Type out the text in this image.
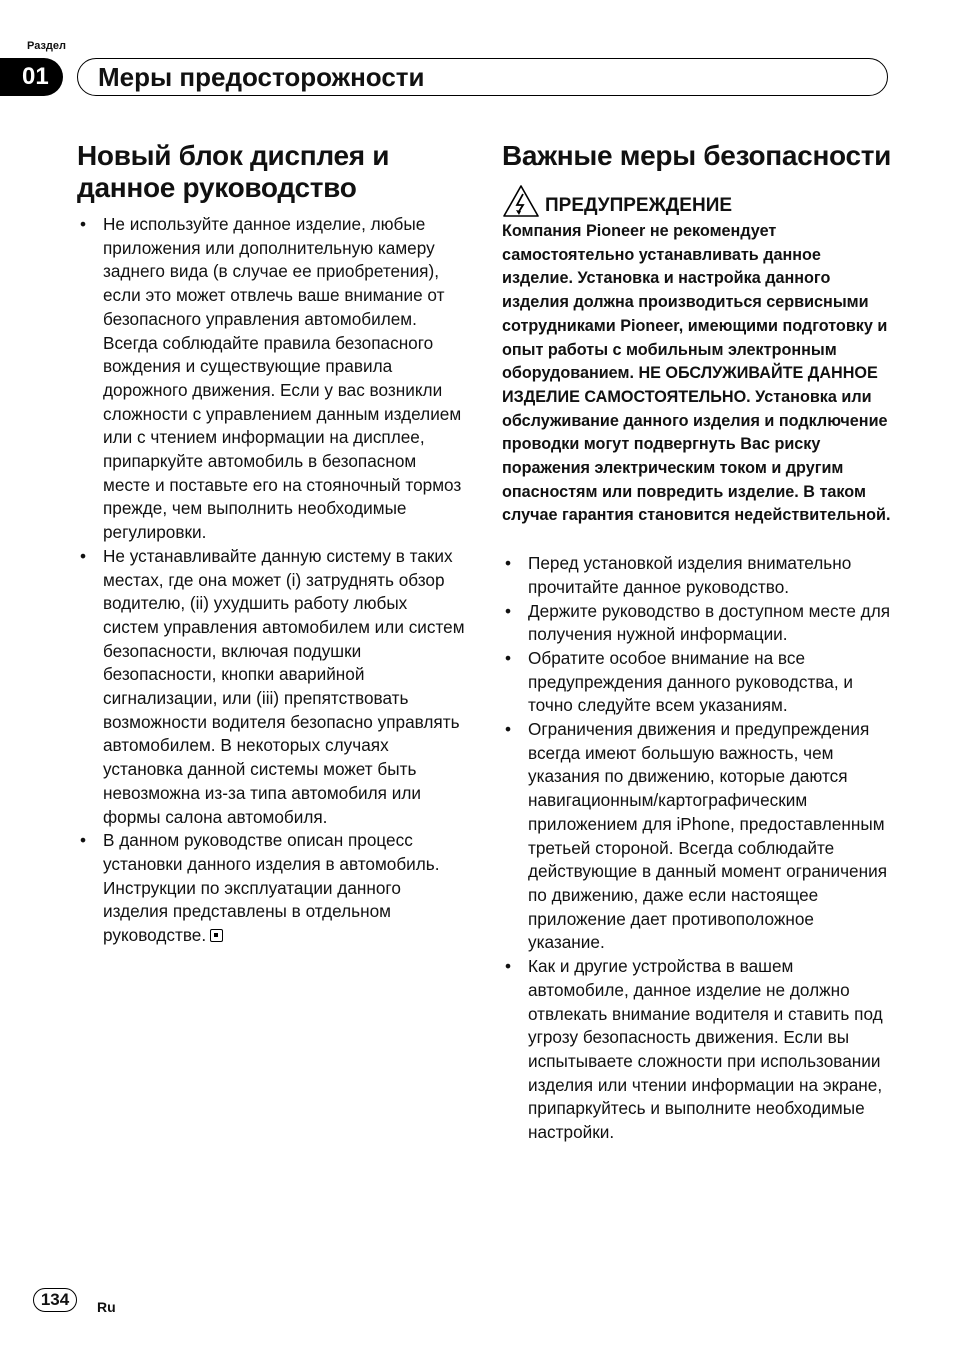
Раздел
01	Меры предосторожности
Новый блок дисплея и данное руководство
• Не используйте данное изделие, любые приложения или дополнительную камеру заднего вида (в случае ее приобретения), если это может отвлечь ваше внимание от безопасного управления автомобилем. Всегда соблюдайте правила безопасного вождения и существующие правила дорожного движения. Если у вас возникли сложности с управлением данным изделием или с чтением информации на дисплее, припаркуйте автомобиль в безопасном месте и поставьте его на стояночный тормоз прежде, чем выполнить необходимые регулировки.
• Не устанавливайте данную систему в таких местах, где она может (i) затруднять обзор водителю, (ii) ухудшить работу любых систем управления автомобилем или систем безопасности, включая подушки безопасности, кнопки аварийной сигнализации, или (iii) препятствовать возможности водителя безопасно управлять автомобилем. В некоторых случаях установка данной системы может быть невозможна из-за типа автомобиля или формы салона автомобиля.
• В данном руководстве описан процесс установки данного изделия в автомобиль. Инструкции по эксплуатации данного изделия представлены в отдельном руководстве.
Важные меры безопасности
ПРЕДУПРЕЖДЕНИЕ
Компания Pioneer не рекомендует самостоятельно устанавливать данное изделие. Установка и настройка данного изделия должна производиться сервисными сотрудниками Pioneer, имеющими подготовку и опыт работы с мобильным электронным оборудованием. НЕ ОБСЛУЖИВАЙТЕ ДАННОЕ ИЗДЕЛИЕ САМОСТОЯТЕЛЬНО. Установка или обслуживание данного изделия и подключение проводки могут подвергнуть Вас риску поражения электрическим током и другим опасностям или повредить изделие. В таком случае гарантия становится недействительной.
• Перед установкой изделия внимательно прочитайте данное руководство.
• Держите руководство в доступном месте для получения нужной информации.
• Обратите особое внимание на все предупреждения данного руководства, и точно следуйте всем указаниям.
• Ограничения движения и предупреждения всегда имеют большую важность, чем указания по движению, которые даются навигационным/картографическим приложением для iPhone, предоставленным третьей стороной. Всегда соблюдайте действующие в данный момент ограничения по движению, даже если настоящее приложение дает противоположное указание.
• Как и другие устройства в вашем автомобиле, данное изделие не должно отвлекать внимание водителя и ставить под угрозу безопасность движения. Если вы испытываете сложности при использовании изделия или чтении информации на экране, припаркуйтесь и выполните необходимые настройки.
134	Ru
